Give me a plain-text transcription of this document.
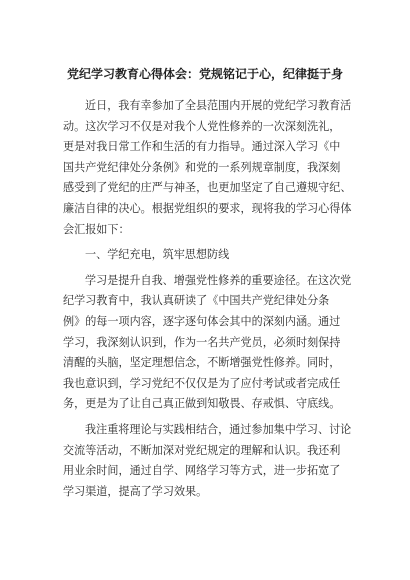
党纪学习教育心得体会：党规铭记于心，纪律挺于身
近日，我有幸参加了全县范围内开展的党纪学习教育活
动。这次学习不仅是对我个人党性修养的一次深刻洗礼，
更是对我日常工作和生活的有力指导。通过深入学习《中
国共产党纪律处分条例》和党的一系列规章制度，我深刻
感受到了党纪的庄严与神圣，也更加坚定了自己遵规守纪、
廉洁自律的决心。根据党组织的要求，现将我的学习心得体
会汇报如下：
一、学纪充电，筑牢思想防线
学习是提升自我、增强党性修养的重要途径。在这次党
纪学习教育中，我认真研读了《中国共产党纪律处分条
例》的每一项内容，逐字逐句体会其中的深刻内涵。通过
学习，我深刻认识到，作为一名共产党员，必须时刻保持
清醒的头脑，坚定理想信念，不断增强党性修养。同时，
我也意识到，学习党纪不仅仅是为了应付考试或者完成任
务，更是为了让自己真正做到知敬畏、存戒惧、守底线。
我注重将理论与实践相结合，通过参加集中学习、讨论
交流等活动，不断加深对党纪规定的理解和认识。我还利
用业余时间，通过自学、网络学习等方式，进一步拓宽了
学习渠道，提高了学习效果。
